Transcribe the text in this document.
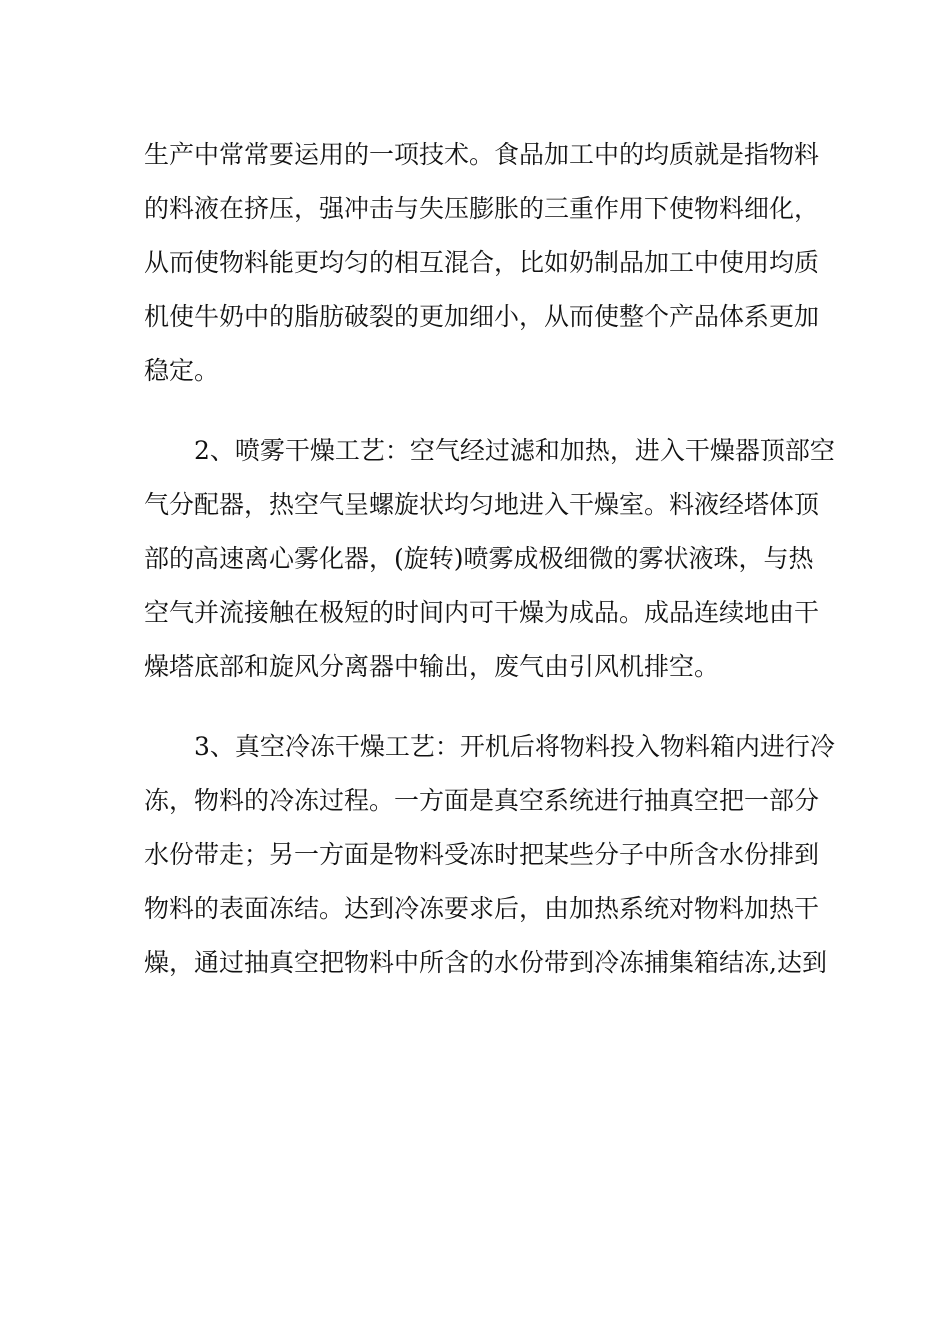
生产中常常要运用的一项技术。食品加工中的均质就是指物料
的料液在挤压，强冲击与失压膨胀的三重作用下使物料细化，
从而使物料能更均匀的相互混合，比如奶制品加工中使用均质
机使牛奶中的脂肪破裂的更加细小，从而使整个产品体系更加
稳定。
　　2、喷雾干燥工艺：空气经过滤和加热，进入干燥器顶部空
气分配器，热空气呈螺旋状均匀地进入干燥室。料液经塔体顶
部的高速离心雾化器，(旋转)喷雾成极细微的雾状液珠，与热
空气并流接触在极短的时间内可干燥为成品。成品连续地由干
燥塔底部和旋风分离器中输出，废气由引风机排空。
　　3、真空冷冻干燥工艺：开机后将物料投入物料箱内进行冷
冻，物料的冷冻过程。一方面是真空系统进行抽真空把一部分
水份带走；另一方面是物料受冻时把某些分子中所含水份排到
物料的表面冻结。达到冷冻要求后，由加热系统对物料加热干
燥，通过抽真空把物料中所含的水份带到冷冻捕集箱结冻,达到
